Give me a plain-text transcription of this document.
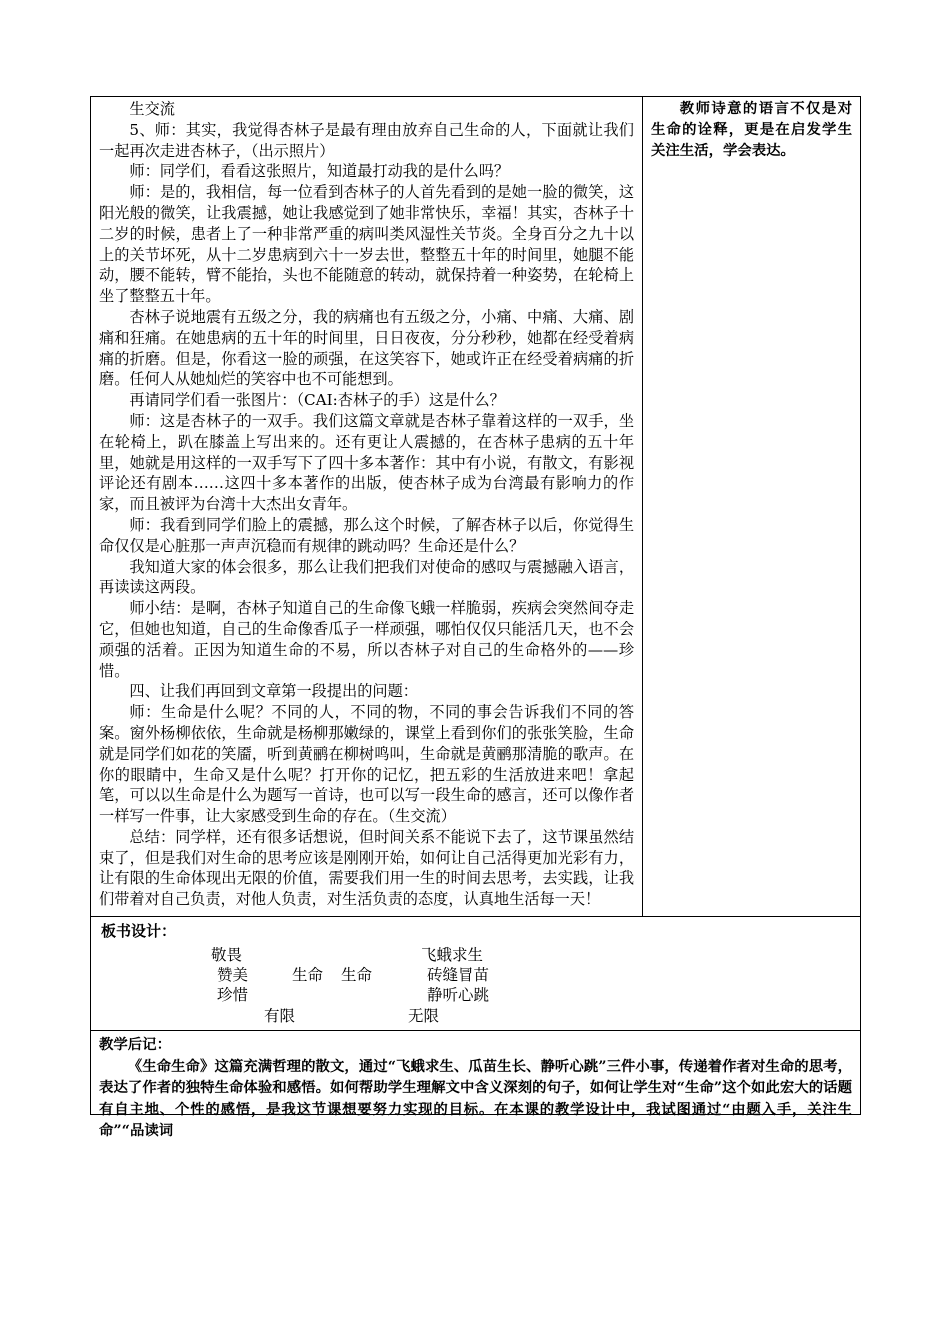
生交流

5、师：其实，我觉得杏林子是最有理由放弃自己生命的人，下面就让我们一起再次走进杏林子，（出示照片）

师：同学们，看看这张照片，知道最打动我的是什么吗？

师：是的，我相信，每一位看到杏林子的人首先看到的是她一脸的微笑，这阳光般的微笑，让我震撼，她让我感觉到了她非常快乐，幸福！其实，杏林子十二岁的时候，患者上了一种非常严重的病叫类风湿性关节炎。全身百分之九十以上的关节坏死，从十二岁患病到六十一岁去世，整整五十年的时间里，她腿不能动，腰不能转，臂不能抬，头也不能随意的转动，就保持着一种姿势，在轮椅上坐了整整五十年。

杏林子说地震有五级之分，我的病痛也有五级之分，小痛、中痛、大痛、剧痛和狂痛。在她患病的五十年的时间里，日日夜夜，分分秒秒，她都在经受着病痛的折磨。但是，你看这一脸的顽强，在这笑容下，她或许正在经受着病痛的折磨。任何人从她灿烂的笑容中也不可能想到。

再请同学们看一张图片：（CAI:杏林子的手）这是什么？

师：这是杏林子的一双手。我们这篇文章就是杏林子靠着这样的一双手，坐在轮椅上，趴在膝盖上写出来的。还有更让人震撼的，在杏林子患病的五十年里，她就是用这样的一双手写下了四十多本著作：其中有小说，有散文，有影视评论还有剧本……这四十多本著作的出版，使杏林子成为台湾最有影响力的作家，而且被评为台湾十大杰出女青年。

师：我看到同学们脸上的震撼，那么这个时候，了解杏林子以后，你觉得生命仅仅是心脏那一声声沉稳而有规律的跳动吗？生命还是什么？

我知道大家的体会很多，那么让我们把我们对使命的感叹与震撼融入语言，再读读这两段。

师小结：是啊，杏林子知道自己的生命像飞蛾一样脆弱，疾病会突然间夺走它，但她也知道，自己的生命像香瓜子一样顽强，哪怕仅仅只能活几天，也不会顽强的活着。正因为知道生命的不易，所以杏林子对自己的生命格外的——珍惜。

四、让我们再回到文章第一段提出的问题：

师：生命是什么呢？不同的人，不同的物，不同的事会告诉我们不同的答案。窗外杨柳依依，生命就是杨柳那嫩绿的，课堂上看到你们的张张笑脸，生命就是同学们如花的笑靥，听到黄鹂在柳树鸣叫，生命就是黄鹂那清脆的歌声。在你的眼睛中，生命又是什么呢？打开你的记忆，把五彩的生活放进来吧！拿起笔，可以以生命是什么为题写一首诗，也可以写一段生命的感言，还可以像作者一样写一件事，让大家感受到生命的存在。（生交流）

总结：同学样，还有很多话想说，但时间关系不能说下去了，这节课虽然结束了，但是我们对生命的思考应该是刚刚开始，如何让自己活得更加光彩有力，让有限的生命体现出无限的价值，需要我们用一生的时间去思考，去实践，让我们带着对自己负责，对他人负责，对生活负责的态度，认真地生活每一天！

教师诗意的语言不仅是对生命的诠释，更是在启发学生关注生活，学会表达。

板书设计：
敬畏
赞美
珍惜
生命 生命
飞蛾求生
砖缝冒苗
静听心跳
有限	无限

教学后记：

《生命生命》这篇充满哲理的散文，通过“飞蛾求生、瓜苗生长、静听心跳”三件小事，传递着作者对生命的思考，表达了作者的独特生命体验和感悟。如何帮助学生理解文中含义深刻的句子，如何让学生对“生命”这个如此宏大的话题有自主地、个性的感悟，是我这节课想要努力实现的目标。在本课的教学设计中，我试图通过“由题入手，关注生命”“品读词
